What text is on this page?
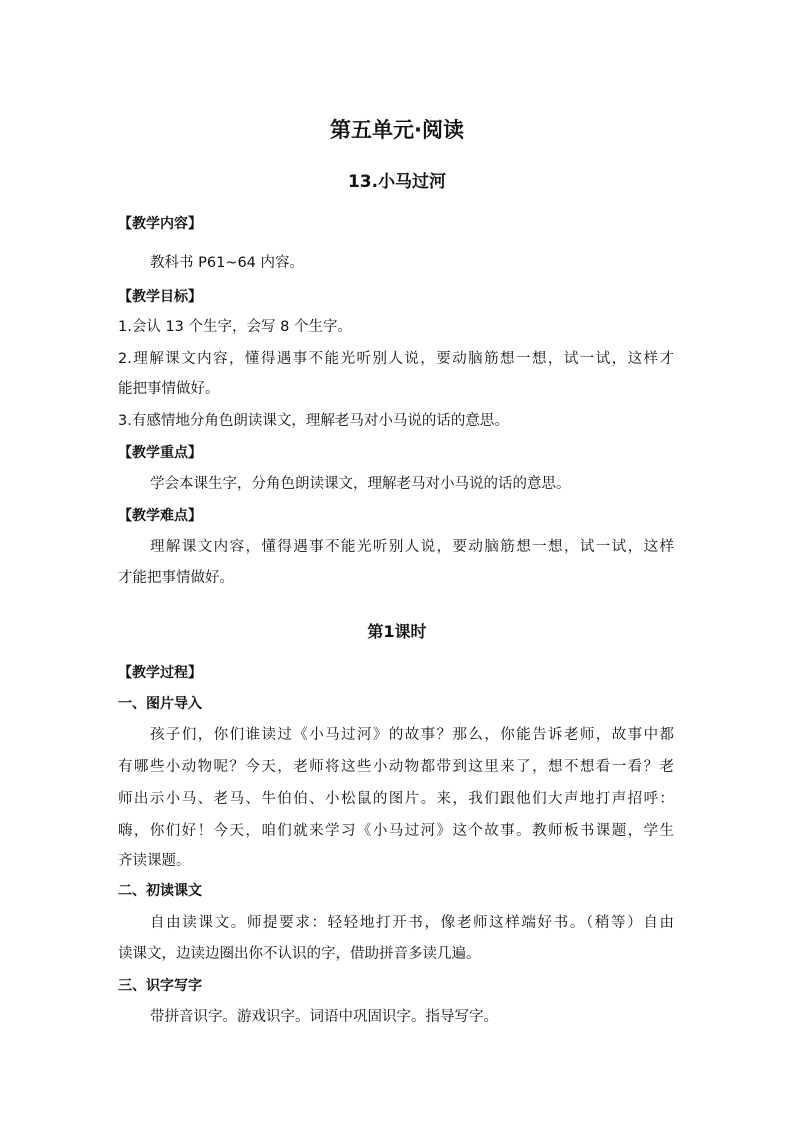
第五单元·阅读
13.小马过河
【教学内容】
教科书 P61~64 内容。
【教学目标】
1.会认 13 个生字，会写 8 个生字。
2.理解课文内容，懂得遇事不能光听别人说，要动脑筋想一想，试一试，这样才
能把事情做好。
3.有感情地分角色朗读课文，理解老马对小马说的话的意思。
【教学重点】
学会本课生字，分角色朗读课文，理解老马对小马说的话的意思。
【教学难点】
理解课文内容，懂得遇事不能光听别人说，要动脑筋想一想，试一试，这样
才能把事情做好。
第1课时
【教学过程】
一、图片导入
孩子们，你们谁读过《小马过河》的故事？那么，你能告诉老师，故事中都
有哪些小动物呢？今天，老师将这些小动物都带到这里来了，想不想看一看？老
师出示小马、老马、牛伯伯、小松鼠的图片。来，我们跟他们大声地打声招呼：
嗨，你们好！今天，咱们就来学习《小马过河》这个故事。教师板书课题，学生
齐读课题。
二、初读课文
自由读课文。师提要求：轻轻地打开书，像老师这样端好书。（稍等）自由
读课文，边读边圈出你不认识的字，借助拼音多读几遍。
三、识字写字
带拼音识字。游戏识字。词语中巩固识字。指导写字。
